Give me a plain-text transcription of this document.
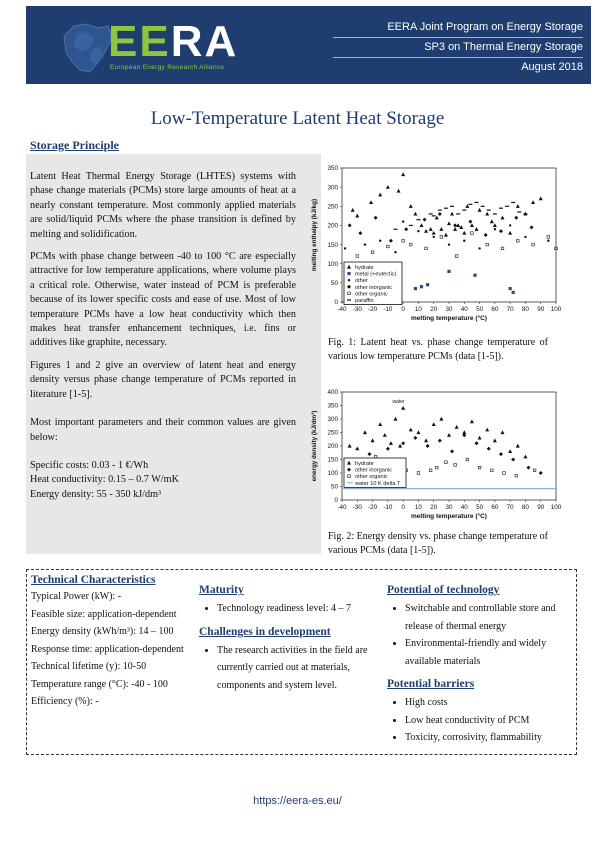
EERA
European Energy Research Alliance
EERA Joint Program on Energy Storage
SP3 on Thermal Energy Storage
August 2018
Low-Temperature Latent Heat Storage
Storage Principle

Latent Heat Thermal Energy Storage (LHTES) systems with phase change materials (PCMs) store large amounts of heat at a nearly constant temperature. Most commonly applied materials are solid/liquid PCMs where the phase transition is defined by melting and solidification.

PCMs with phase change between -40 to 100 °C are especially attractive for low temperature applications, where volume plays a critical role. Otherwise, water instead of PCM is preferable because of its lower specific costs and ease of use. Most of low temperature PCMs have a low heat conductivity which then makes heat transfer enhancement techniques, i.e. fins or additives like graphite, necessary.

Figures 1 and 2 give an overview of latent heat and energy density versus phase change temperature of PCMs reported in literature [1-5].

Most important parameters and their common values are given below:

Specific costs: 0.03 - 1 €/Wh

Heat conductivity: 0.15 – 0.7 W/mK

Energy density: 55 - 350 kJ/dm³

-40 -30 -20 -10 0 10 20 30 40 50 60 70 80 90 100
0
50
100
150
200
250
300
350
melting temperature (°C)
melting enthalpy (kJ/kg)	hydrate
metal (+eutectic)
other
other inorganic
other organic
paraffin
Fig. 1: Latent heat vs. phase change temperature of various low temperature PCMs (data [1-5]).
-40 -30 -20 -10 0 10 20 30 40 50 60 70 80 90 100
0
50
100
150
200
250
300
350
400
melting temperature (°C)
energy density (kJ/dm³)
water
hydrate
other inorganic
other organic
water 10 K delta T
Fig. 2: Energy density vs. phase change temperature of various PCMs (data [1-5]).
Technical Characteristics
Typical Power (kW): -
Feasible size: application-dependent
Energy density (kWh/m³): 14 – 100
Response time: application-dependent
Technical lifetime (y): 10-50
Temperature range (°C): -40 - 100
Efficiency (%): -
Maturity
• Technology readiness level: 4 – 7
Challenges in development
• The research activities in the field are currently carried out at materials, components and system level.
Potential of technology
• Switchable and controllable store and release of thermal energy
• Environmental-friendly and widely available materials
Potential barriers
• High costs
• Low heat conductivity of PCM
• Toxicity, corrosivity, flammability
https://eera-es.eu/
